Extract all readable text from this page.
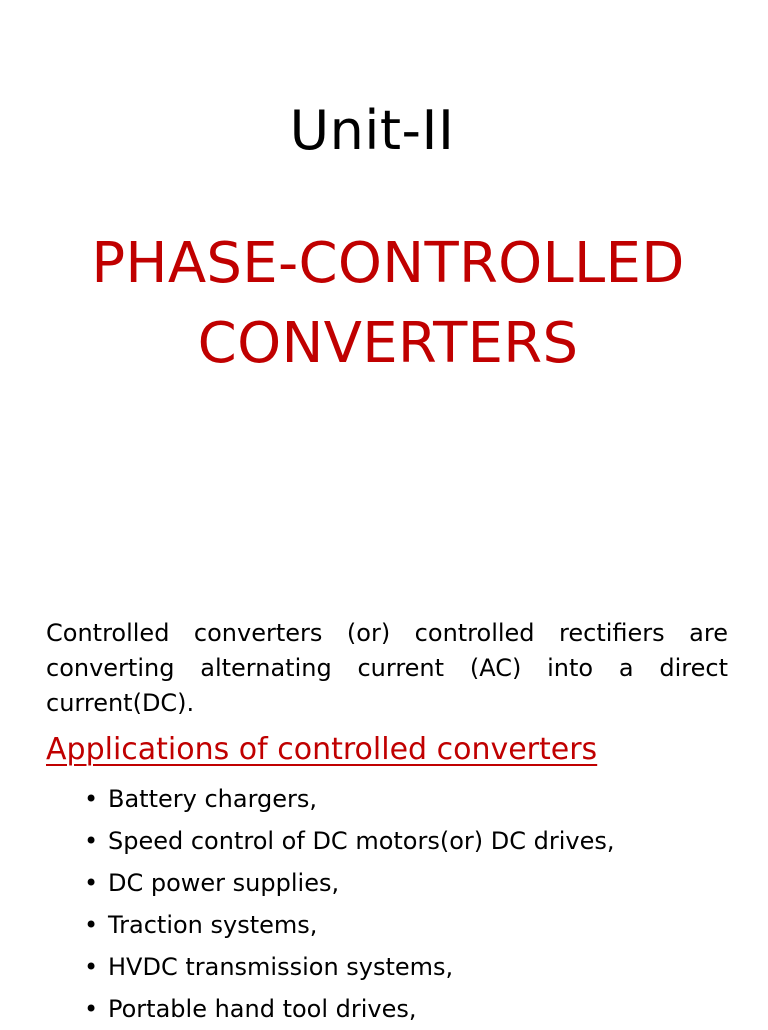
Unit-II
PHASE-CONTROLLED
CONVERTERS
Controlled converters (or) controlled rectifiers are
converting alternating current (AC) into a direct
current(DC).
Applications of controlled converters
• Battery chargers,
• Speed control of DC motors(or) DC drives,
• DC power supplies,
• Traction systems,
• HVDC transmission systems,
• Portable hand tool drives,
